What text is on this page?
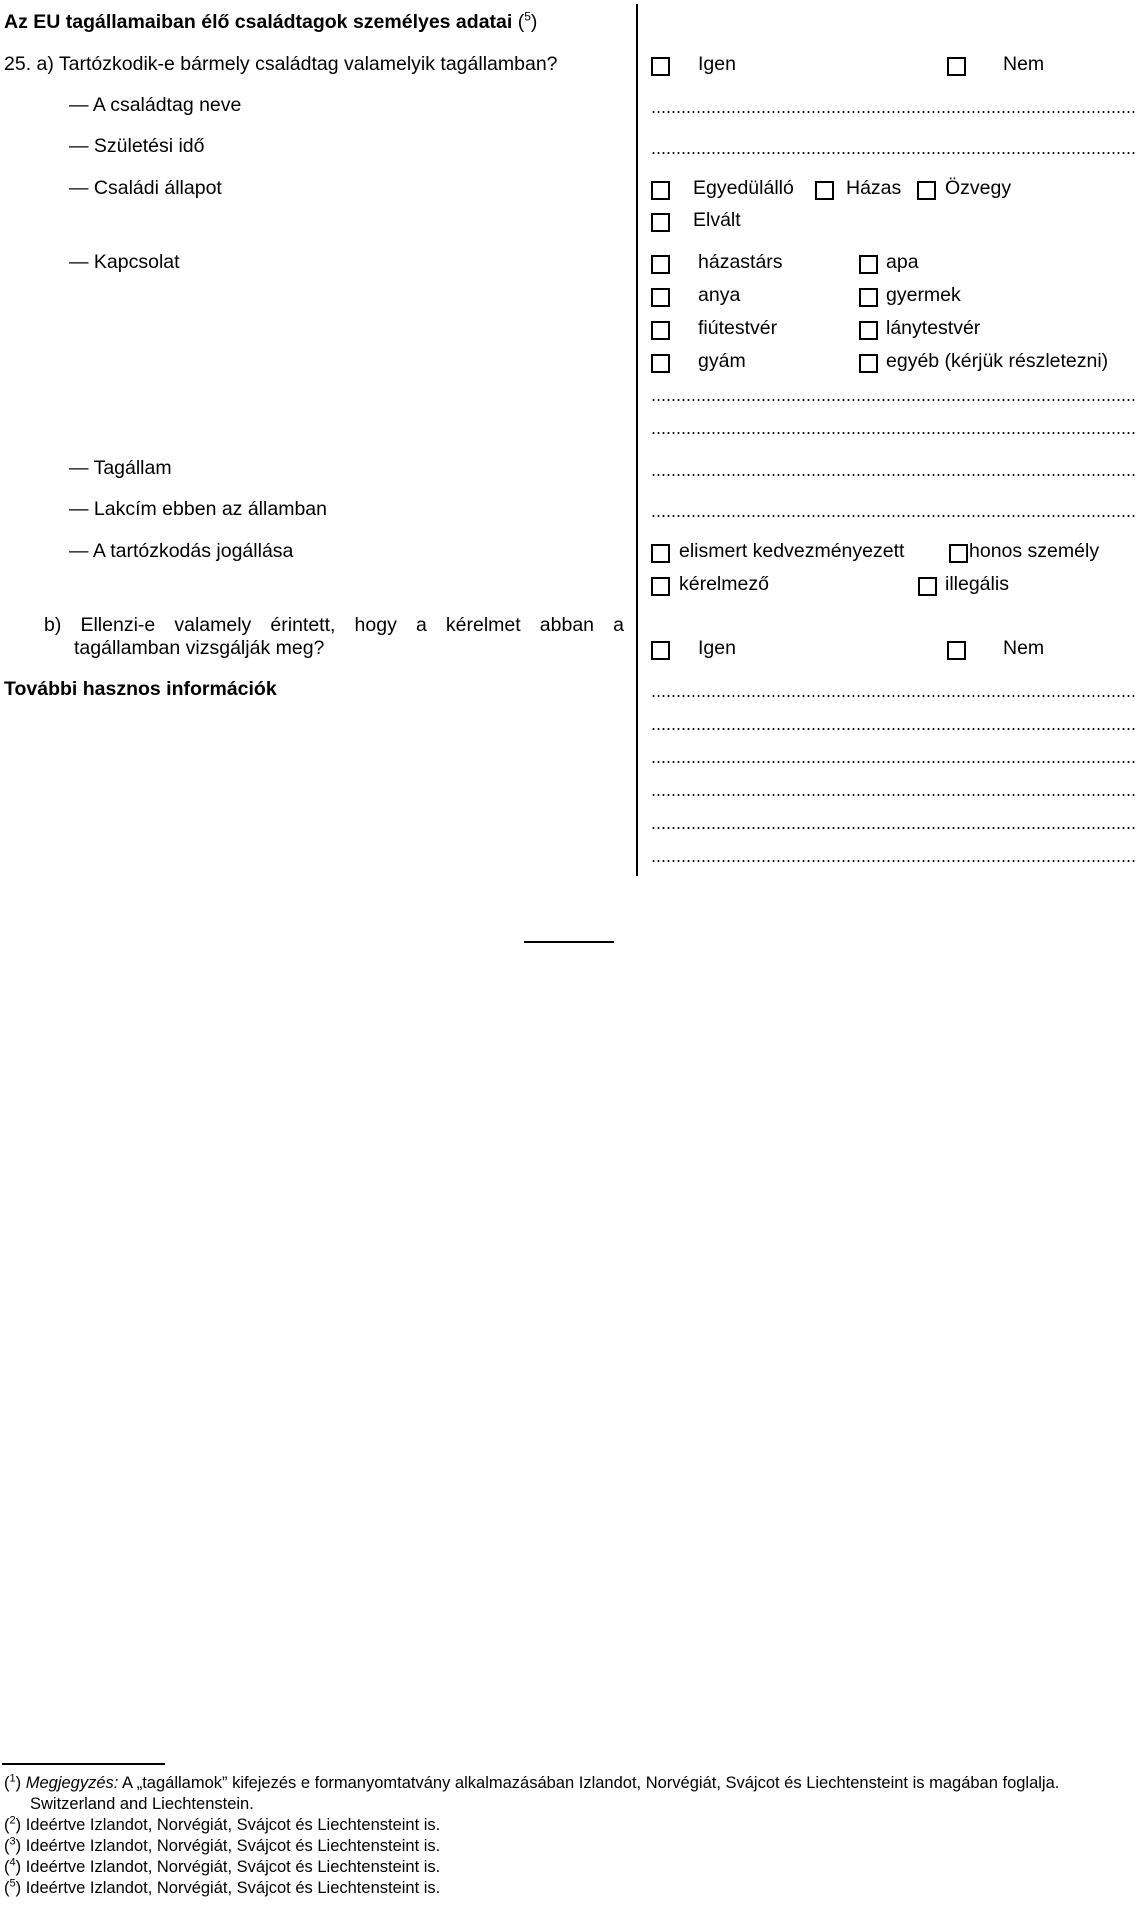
Az EU tagállamaiban élő családtagok személyes adatai ($^5$)
25. a) Tartózkodik-e bármely családtag valamelyik tagállamban?	Igen	Nem
— A családtag neve
— Születési idő
— Családi állapot	Egyedülálló	Házas Özvegy
Elvált
— Kapcsolat	házastárs	apa
anya	gyermek
fiútestvér	lánytestvér
gyám	egyéb (kérjük részletezni)
— Tagállam
— Lakcím ebben az államban
— A tartózkodás jogállása	elismert kedvezményezett	honos személy
kérelmező	illegális
b) Ellenzi-e valamely érintett, hogy a kérelmet abban a
tagállamban vizsgálják meg?	Igen	Nem
További hasznos információk
($^1$) Megjegyzés: A „tagállamok” kifejezés e formanyomtatvány alkalmazásában Izlandot, Norvégiát, Svájcot és Liechtensteint is magában foglalja.
Switzerland and Liechtenstein.
($^2$) Ideértve Izlandot, Norvégiát, Svájcot és Liechtensteint is.
($^3$) Ideértve Izlandot, Norvégiát, Svájcot és Liechtensteint is.
($^4$) Ideértve Izlandot, Norvégiát, Svájcot és Liechtensteint is.
($^5$) Ideértve Izlandot, Norvégiát, Svájcot és Liechtensteint is.
